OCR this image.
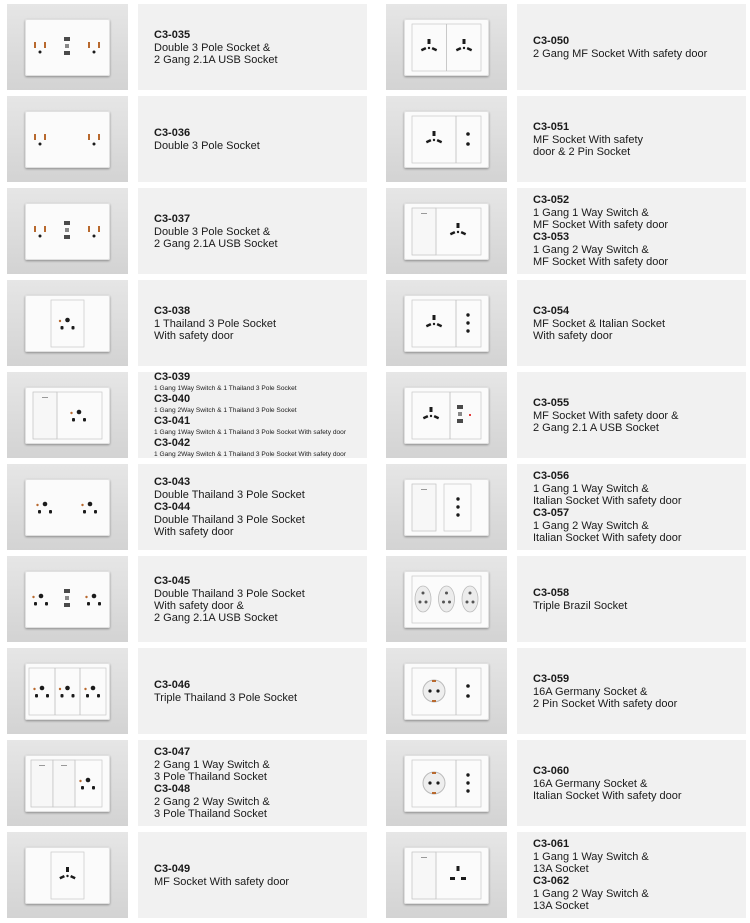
C3-035
Double 3 Pole Socket &
2 Gang 2.1A USB Socket
C3-050
2 Gang MF Socket With safety door
C3-036
Double 3 Pole Socket
C3-051
MF Socket With safety
door & 2 Pin Socket
C3-037
Double 3 Pole Socket &
2 Gang 2.1A USB Socket
C3-052
1 Gang 1 Way Switch &
MF Socket With safety door
C3-053
1 Gang 2 Way Switch &
MF Socket With safety door
C3-038
1 Thailand 3 Pole Socket
With safety door
C3-054
MF Socket & Italian Socket
With safety door
C3-039
1 Gang 1Way Switch & 1 Thailand 3 Pole Socket
C3-040
1 Gang 2Way Switch & 1 Thailand 3 Pole Socket
C3-041
1 Gang 1Way Switch & 1 Thailand 3 Pole Socket With safety door
C3-042
1 Gang 2Way Switch & 1 Thailand 3 Pole Socket With safety door
C3-055
MF Socket With safety door &
2 Gang 2.1 A USB Socket
C3-043
Double Thailand 3 Pole Socket
C3-044
Double Thailand 3 Pole Socket
With safety door
C3-056
1 Gang 1 Way Switch &
Italian Socket With safety door
C3-057
1 Gang 2 Way Switch &
Italian Socket With safety door
C3-045
Double Thailand 3 Pole Socket
With safety door &
2 Gang 2.1A USB Socket
C3-058
Triple Brazil Socket
C3-046
Triple Thailand 3 Pole Socket
C3-059
16A Germany Socket &
2 Pin Socket With safety door
C3-047
2 Gang 1 Way Switch &
3 Pole Thailand Socket
C3-048
2 Gang 2 Way Switch &
3 Pole Thailand Socket
C3-060
16A Germany Socket &
Italian Socket With safety door
C3-049
MF Socket With safety door
C3-061
1 Gang 1 Way Switch &
13A Socket
C3-062
1 Gang 2 Way Switch &
13A Socket
